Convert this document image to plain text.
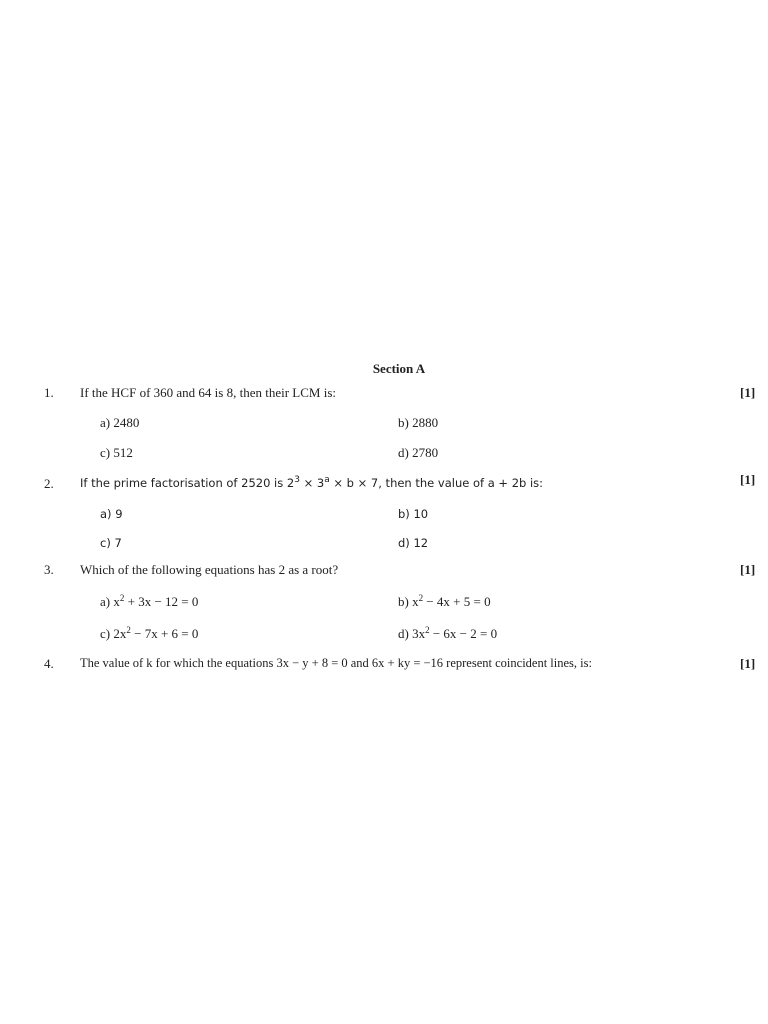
Section A
1. If the HCF of 360 and 64 is 8, then their LCM is:	[1]
a) 2480	b) 2880
c) 512	d) 2780
2. If the prime factorisation of 2520 is $2^3 \times 3^a \times b \times 7$, then the value of a + 2b is:	[1]
a) 9	b) 10
c) 7	d) 12
3. Which of the following equations has 2 as a root?	[1]
a) $x^2 + 3x - 12 = 0$	b) $x^2 - 4x + 5 = 0$
c) $2x^2 - 7x + 6 = 0$	d) $3x^2 - 6x - 2 = 0$
4. The value of k for which the equations 3x − y + 8 = 0 and 6x + ky = −16 represent coincident lines, is:	[1]
